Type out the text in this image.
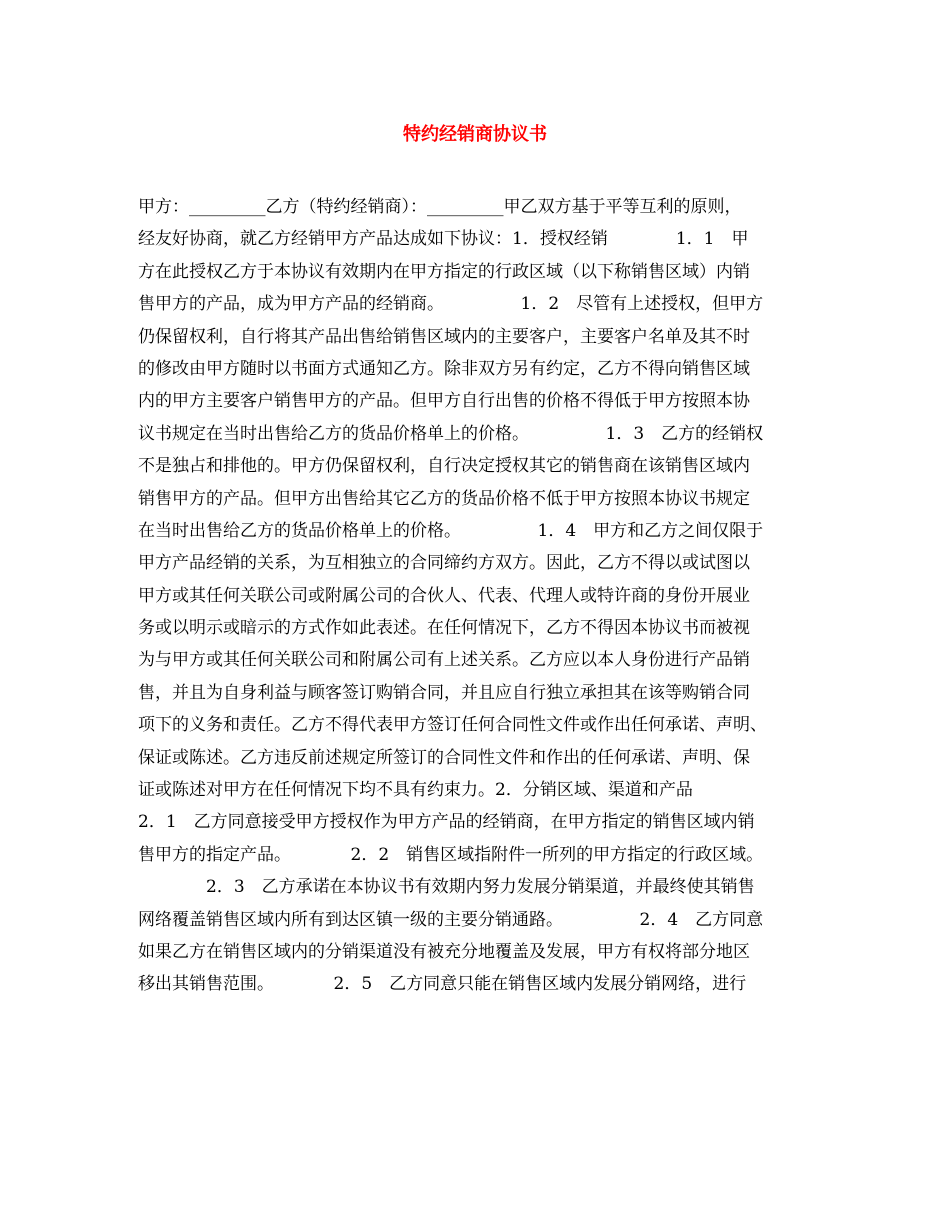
特约经销商协议书
甲方：_________乙方（特约经销商）：_________甲乙双方基于平等互利的原则，
经友好协商，就乙方经销甲方产品达成如下协议：1．授权经销　　　　1．1　甲
方在此授权乙方于本协议有效期内在甲方指定的行政区域（以下称销售区域）内销
售甲方的产品，成为甲方产品的经销商。　　　　　1．2　尽管有上述授权，但甲方
仍保留权利，自行将其产品出售给销售区域内的主要客户，主要客户名单及其不时
的修改由甲方随时以书面方式通知乙方。除非双方另有约定，乙方不得向销售区域
内的甲方主要客户销售甲方的产品。但甲方自行出售的价格不得低于甲方按照本协
议书规定在当时出售给乙方的货品价格单上的价格。　　　　　1．3　乙方的经销权
不是独占和排他的。甲方仍保留权利，自行决定授权其它的销售商在该销售区域内
销售甲方的产品。但甲方出售给其它乙方的货品价格不低于甲方按照本协议书规定
在当时出售给乙方的货品价格单上的价格。　　　　　1．4　甲方和乙方之间仅限于
甲方产品经销的关系，为互相独立的合同缔约方双方。因此，乙方不得以或试图以
甲方或其任何关联公司或附属公司的合伙人、代表、代理人或特许商的身份开展业
务或以明示或暗示的方式作如此表述。在任何情况下，乙方不得因本协议书而被视
为与甲方或其任何关联公司和附属公司有上述关系。乙方应以本人身份进行产品销
售，并且为自身利益与顾客签订购销合同，并且应自行独立承担其在该等购销合同
项下的义务和责任。乙方不得代表甲方签订任何合同性文件或作出任何承诺、声明、
保证或陈述。乙方违反前述规定所签订的合同性文件和作出的任何承诺、声明、保
证或陈述对甲方在任何情况下均不具有约束力。2．分销区域、渠道和产品
2．1　乙方同意接受甲方授权作为甲方产品的经销商，在甲方指定的销售区域内销
售甲方的指定产品。　　　　2．2　销售区域指附件一所列的甲方指定的行政区域。
　　　　2．3　乙方承诺在本协议书有效期内努力发展分销渠道，并最终使其销售
网络覆盖销售区域内所有到达区镇一级的主要分销通路。　　　　　2．4　乙方同意
如果乙方在销售区域内的分销渠道没有被充分地覆盖及发展，甲方有权将部分地区
移出其销售范围。　　　　2．5　乙方同意只能在销售区域内发展分销网络，进行
